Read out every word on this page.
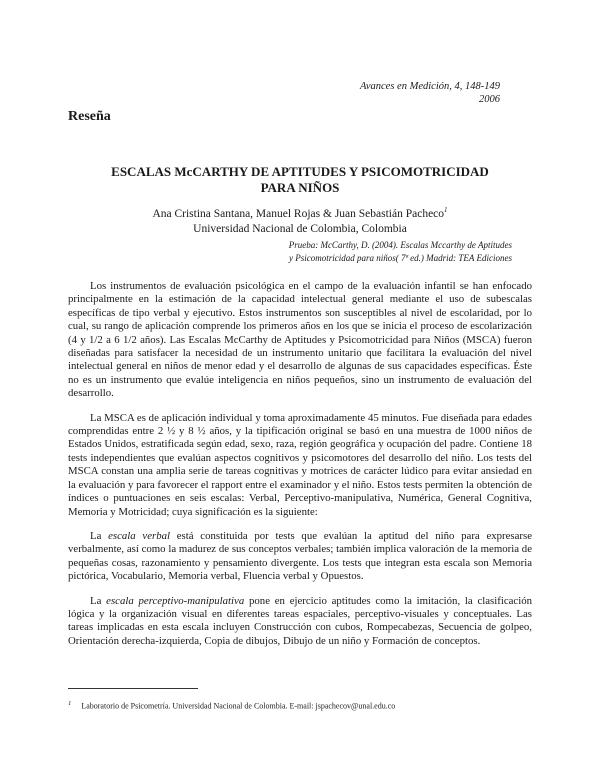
Avances en Medición, 4, 148-149
2006
Reseña
ESCALAS McCARTHY DE APTITUDES Y PSICOMOTRICIDAD
PARA NIÑOS
Ana Cristina Santana, Manuel Rojas & Juan Sebastián Pacheco$^1$
Universidad Nacional de Colombia, Colombia
Prueba: McCarthy, D. (2004). Escalas Mccarthy de Aptitudes
y Psicomotricidad para niños( 7ª ed.) Madrid: TEA Ediciones

Los instrumentos de evaluación psicológica en el campo de la evaluación infantil se han enfocado principalmente en la estimación de la capacidad intelectual general mediante el uso de subescalas específicas de tipo verbal y ejecutivo. Estos instrumentos son susceptibles al nivel de escolaridad, por lo cual, su rango de aplicación comprende los primeros años en los que se inicia el proceso de escolarización (4 y 1/2 a 6 1/2 años). Las Escalas McCarthy de Aptitudes y Psicomotricidad para Niños (MSCA) fueron diseñadas para satisfacer la necesidad de un instrumento unitario que facilitara la evaluación del nivel intelectual general en niños de menor edad y el desarrollo de algunas de sus capacidades específicas. Éste no es un instrumento que evalúe inteligencia en niños pequeños, sino un instrumento de evaluación del desarrollo.

La MSCA es de aplicación individual y toma aproximadamente 45 minutos. Fue diseñada para edades comprendidas entre 2 ½ y 8 ½ años, y la tipificación original se basó en una muestra de 1000 niños de Estados Unidos, estratificada según edad, sexo, raza, región geográfica y ocupación del padre. Contiene 18 tests independientes que evalúan aspectos cognitivos y psicomotores del desarrollo del niño. Los tests del MSCA constan una amplia serie de tareas cognitivas y motrices de carácter lúdico para evitar ansiedad en la evaluación y para favorecer el rapport entre el examinador y el niño. Estos tests permiten la obtención de índices o puntuaciones en seis escalas: Verbal, Perceptivo-manipulativa, Numérica, General Cognitiva, Memoria y Motricidad; cuya significación es la siguiente:

La escala verbal está constituida por tests que evalúan la aptitud del niño para expresarse verbalmente, así como la madurez de sus conceptos verbales; también implica valoración de la memoria de pequeñas cosas, razonamiento y pensamiento divergente. Los tests que integran esta escala son Memoria pictórica, Vocabulario, Memoria verbal, Fluencia verbal y Opuestos.

La escala perceptivo-manipulativa pone en ejercicio aptitudes como la imitación, la clasificación lógica y la organización visual en diferentes tareas espaciales, perceptivo-visuales y conceptuales. Las tareas implicadas en esta escala incluyen Construcción con cubos, Rompecabezas, Secuencia de golpeo, Orientación derecha-izquierda, Copia de dibujos, Dibujo de un niño y Formación de conceptos.

$^1$ Laboratorio de Psicometría. Universidad Nacional de Colombia. E-mail: jspachecov@unal.edu.co
